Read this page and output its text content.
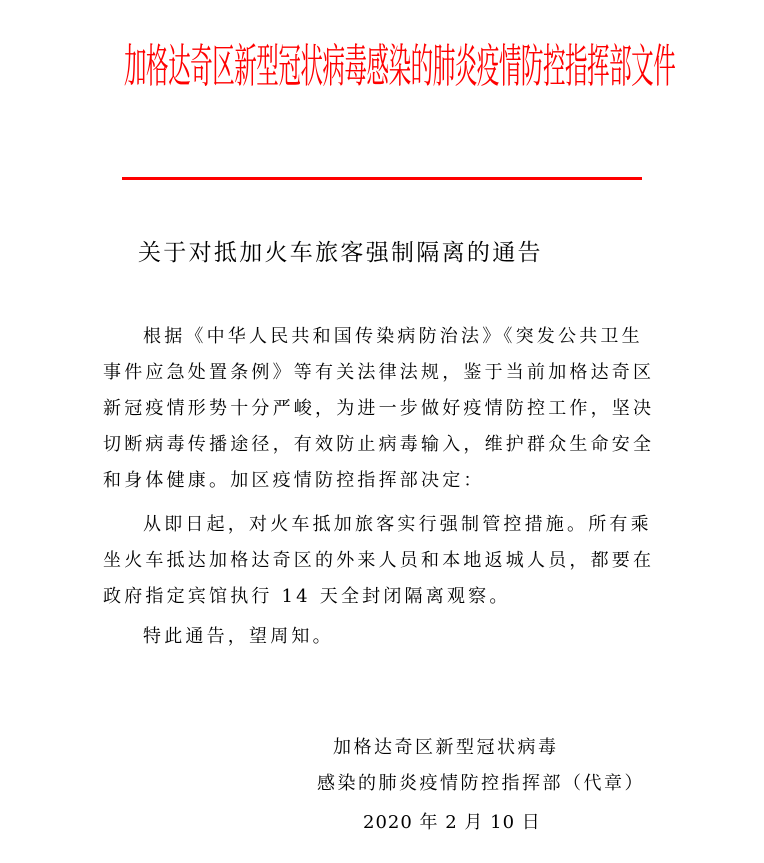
加格达奇区新型冠状病毒感染的肺炎疫情防控指挥部文件
关于对抵加火车旅客强制隔离的通告
根据《中华人民共和国传染病防治法》《突发公共卫生
事件应急处置条例》等有关法律法规，鉴于当前加格达奇区
新冠疫情形势十分严峻，为进一步做好疫情防控工作，坚决
切断病毒传播途径，有效防止病毒输入，维护群众生命安全
和身体健康。加区疫情防控指挥部决定：
从即日起，对火车抵加旅客实行强制管控措施。所有乘
坐火车抵达加格达奇区的外来人员和本地返城人员，都要在
政府指定宾馆执行 14 天全封闭隔离观察。
特此通告，望周知。
加格达奇区新型冠状病毒
感染的肺炎疫情防控指挥部（代章）
2020 年 2 月 10 日
